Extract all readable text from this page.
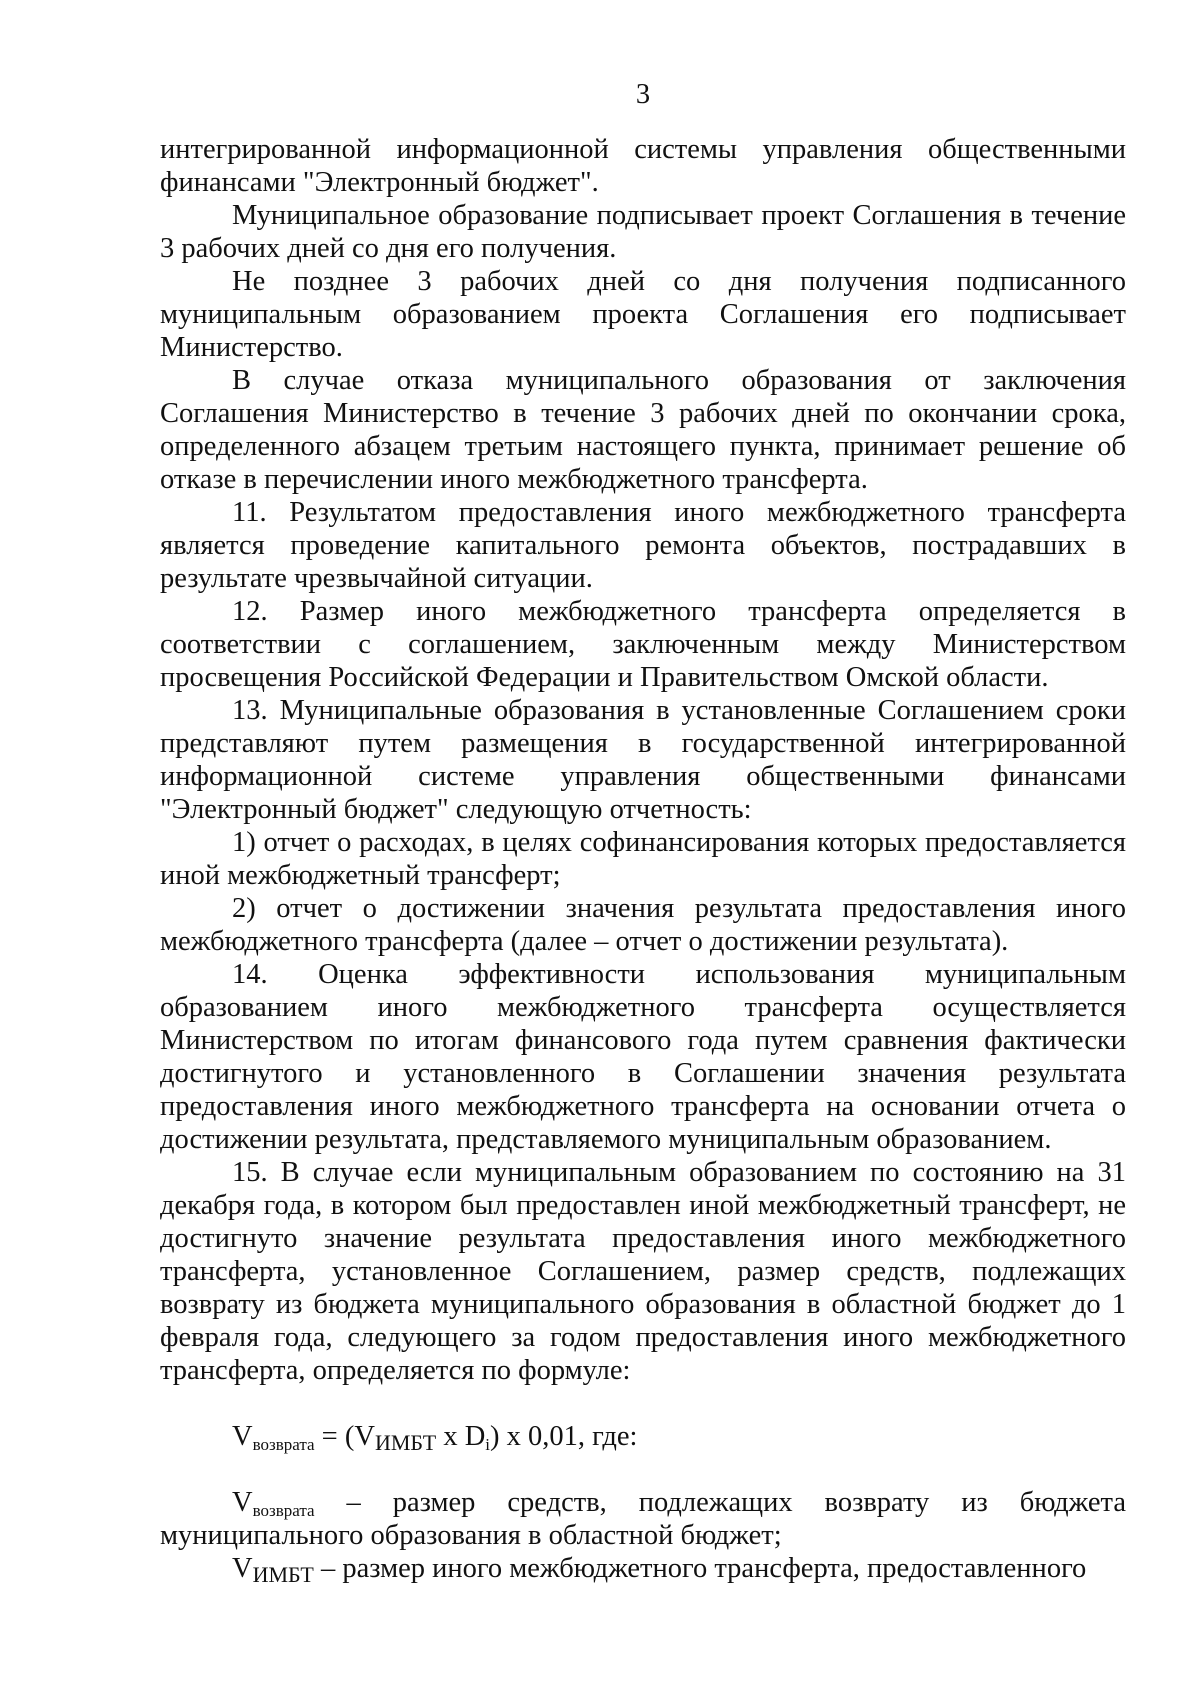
3

интегрированной информационной системы управления общественными финансами "Электронный бюджет".

Муниципальное образование подписывает проект Соглашения в течение 3 рабочих дней со дня его получения.

Не позднее 3 рабочих дней со дня получения подписанного муниципальным образованием проекта Соглашения его подписывает Министерство.

В случае отказа муниципального образования от заключения Соглашения Министерство в течение 3 рабочих дней по окончании срока, определенного абзацем третьим настоящего пункта, принимает решение об отказе в перечислении иного межбюджетного трансферта.

11. Результатом предоставления иного межбюджетного трансферта является проведение капитального ремонта объектов, пострадавших в результате чрезвычайной ситуации.

12. Размер иного межбюджетного трансферта определяется в соответствии с соглашением, заключенным между Министерством просвещения Российской Федерации и Правительством Омской области.

13. Муниципальные образования в установленные Соглашением сроки представляют путем размещения в государственной интегрированной информационной системе управления общественными финансами "Электронный бюджет" следующую отчетность:

1) отчет о расходах, в целях софинансирования которых предоставляется иной межбюджетный трансферт;

2) отчет о достижении значения результата предоставления иного межбюджетного трансферта (далее – отчет о достижении результата).

14. Оценка эффективности использования муниципальным образованием иного межбюджетного трансферта осуществляется Министерством по итогам финансового года путем сравнения фактически достигнутого и установленного в Соглашении значения результата предоставления иного межбюджетного трансферта на основании отчета о достижении результата, представляемого муниципальным образованием.

15. В случае если муниципальным образованием по состоянию на 31 декабря года, в котором был предоставлен иной межбюджетный трансферт, не достигнуто значение результата предоставления иного межбюджетного трансферта, установленное Соглашением, размер средств, подлежащих возврату из бюджета муниципального образования в областной бюджет до 1 февраля года, следующего за годом предоставления иного межбюджетного трансферта, определяется по формуле:

$V_{возврата} = (V_{ИМБТ}$ x $D_i$) x 0,01, где:

$V_{возврата}$ – размер средств, подлежащих возврату из бюджета муниципального образования в областной бюджет;

$V_{ИМБТ}$ – размер иного межбюджетного трансферта, предоставленного
